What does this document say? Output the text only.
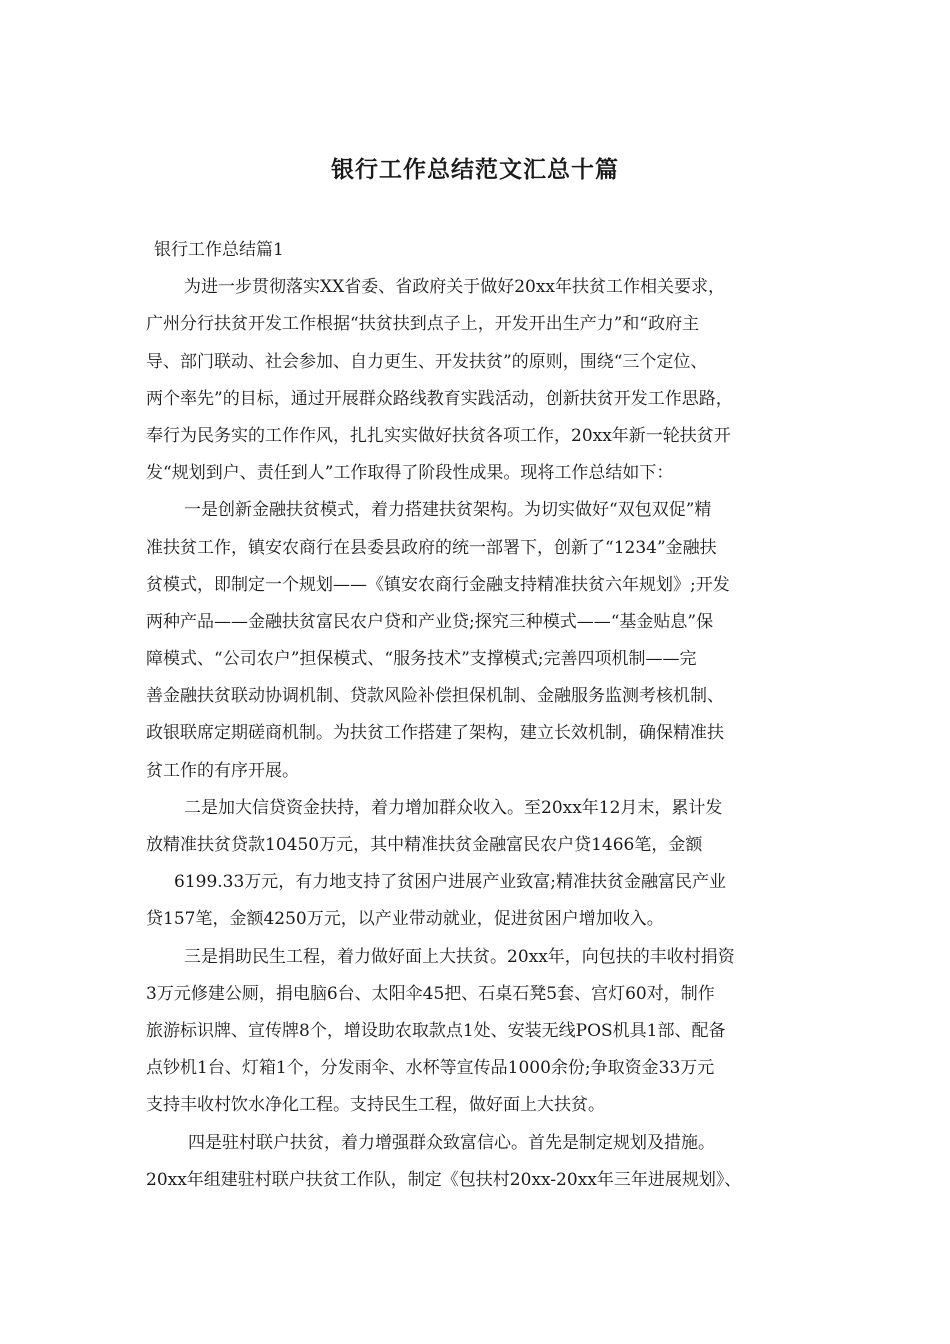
银行工作总结范文汇总十篇
银行工作总结篇1
为进一步贯彻落实XX省委、省政府关于做好20xx年扶贫工作相关要求，
广州分行扶贫开发工作根据“扶贫扶到点子上，开发开出生产力”和“政府主
导、部门联动、社会参加、自力更生、开发扶贫”的原则，围绕“三个定位、
两个率先”的目标，通过开展群众路线教育实践活动，创新扶贫开发工作思路，
奉行为民务实的工作作风，扎扎实实做好扶贫各项工作，20xx年新一轮扶贫开
发“规划到户、责任到人”工作取得了阶段性成果。现将工作总结如下：
一是创新金融扶贫模式，着力搭建扶贫架构。为切实做好“双包双促”精
准扶贫工作，镇安农商行在县委县政府的统一部署下，创新了“1234”金融扶
贫模式，即制定一个规划——《镇安农商行金融支持精准扶贫六年规划》;开发
两种产品——金融扶贫富民农户贷和产业贷;探究三种模式——“基金贴息”保
障模式、“公司农户”担保模式、“服务技术”支撑模式;完善四项机制——完
善金融扶贫联动协调机制、贷款风险补偿担保机制、金融服务监测考核机制、
政银联席定期磋商机制。为扶贫工作搭建了架构，建立长效机制，确保精准扶
贫工作的有序开展。
二是加大信贷资金扶持，着力增加群众收入。至20xx年12月末，累计发
放精准扶贫贷款10450万元，其中精准扶贫金融富民农户贷1466笔，金额
6199.33万元，有力地支持了贫困户进展产业致富;精准扶贫金融富民产业
贷157笔，金额4250万元，以产业带动就业，促进贫困户增加收入。
三是捐助民生工程，着力做好面上大扶贫。20xx年，向包扶的丰收村捐资
3万元修建公厕，捐电脑6台、太阳伞45把、石桌石凳5套、宫灯60对，制作
旅游标识牌、宣传牌8个，增设助农取款点1处、安装无线POS机具1部、配备
点钞机1台、灯箱1个，分发雨伞、水杯等宣传品1000余份;争取资金33万元
支持丰收村饮水净化工程。支持民生工程，做好面上大扶贫。
四是驻村联户扶贫，着力增强群众致富信心。首先是制定规划及措施。
20xx年组建驻村联户扶贫工作队，制定《包扶村20xx-20xx年三年进展规划》、
